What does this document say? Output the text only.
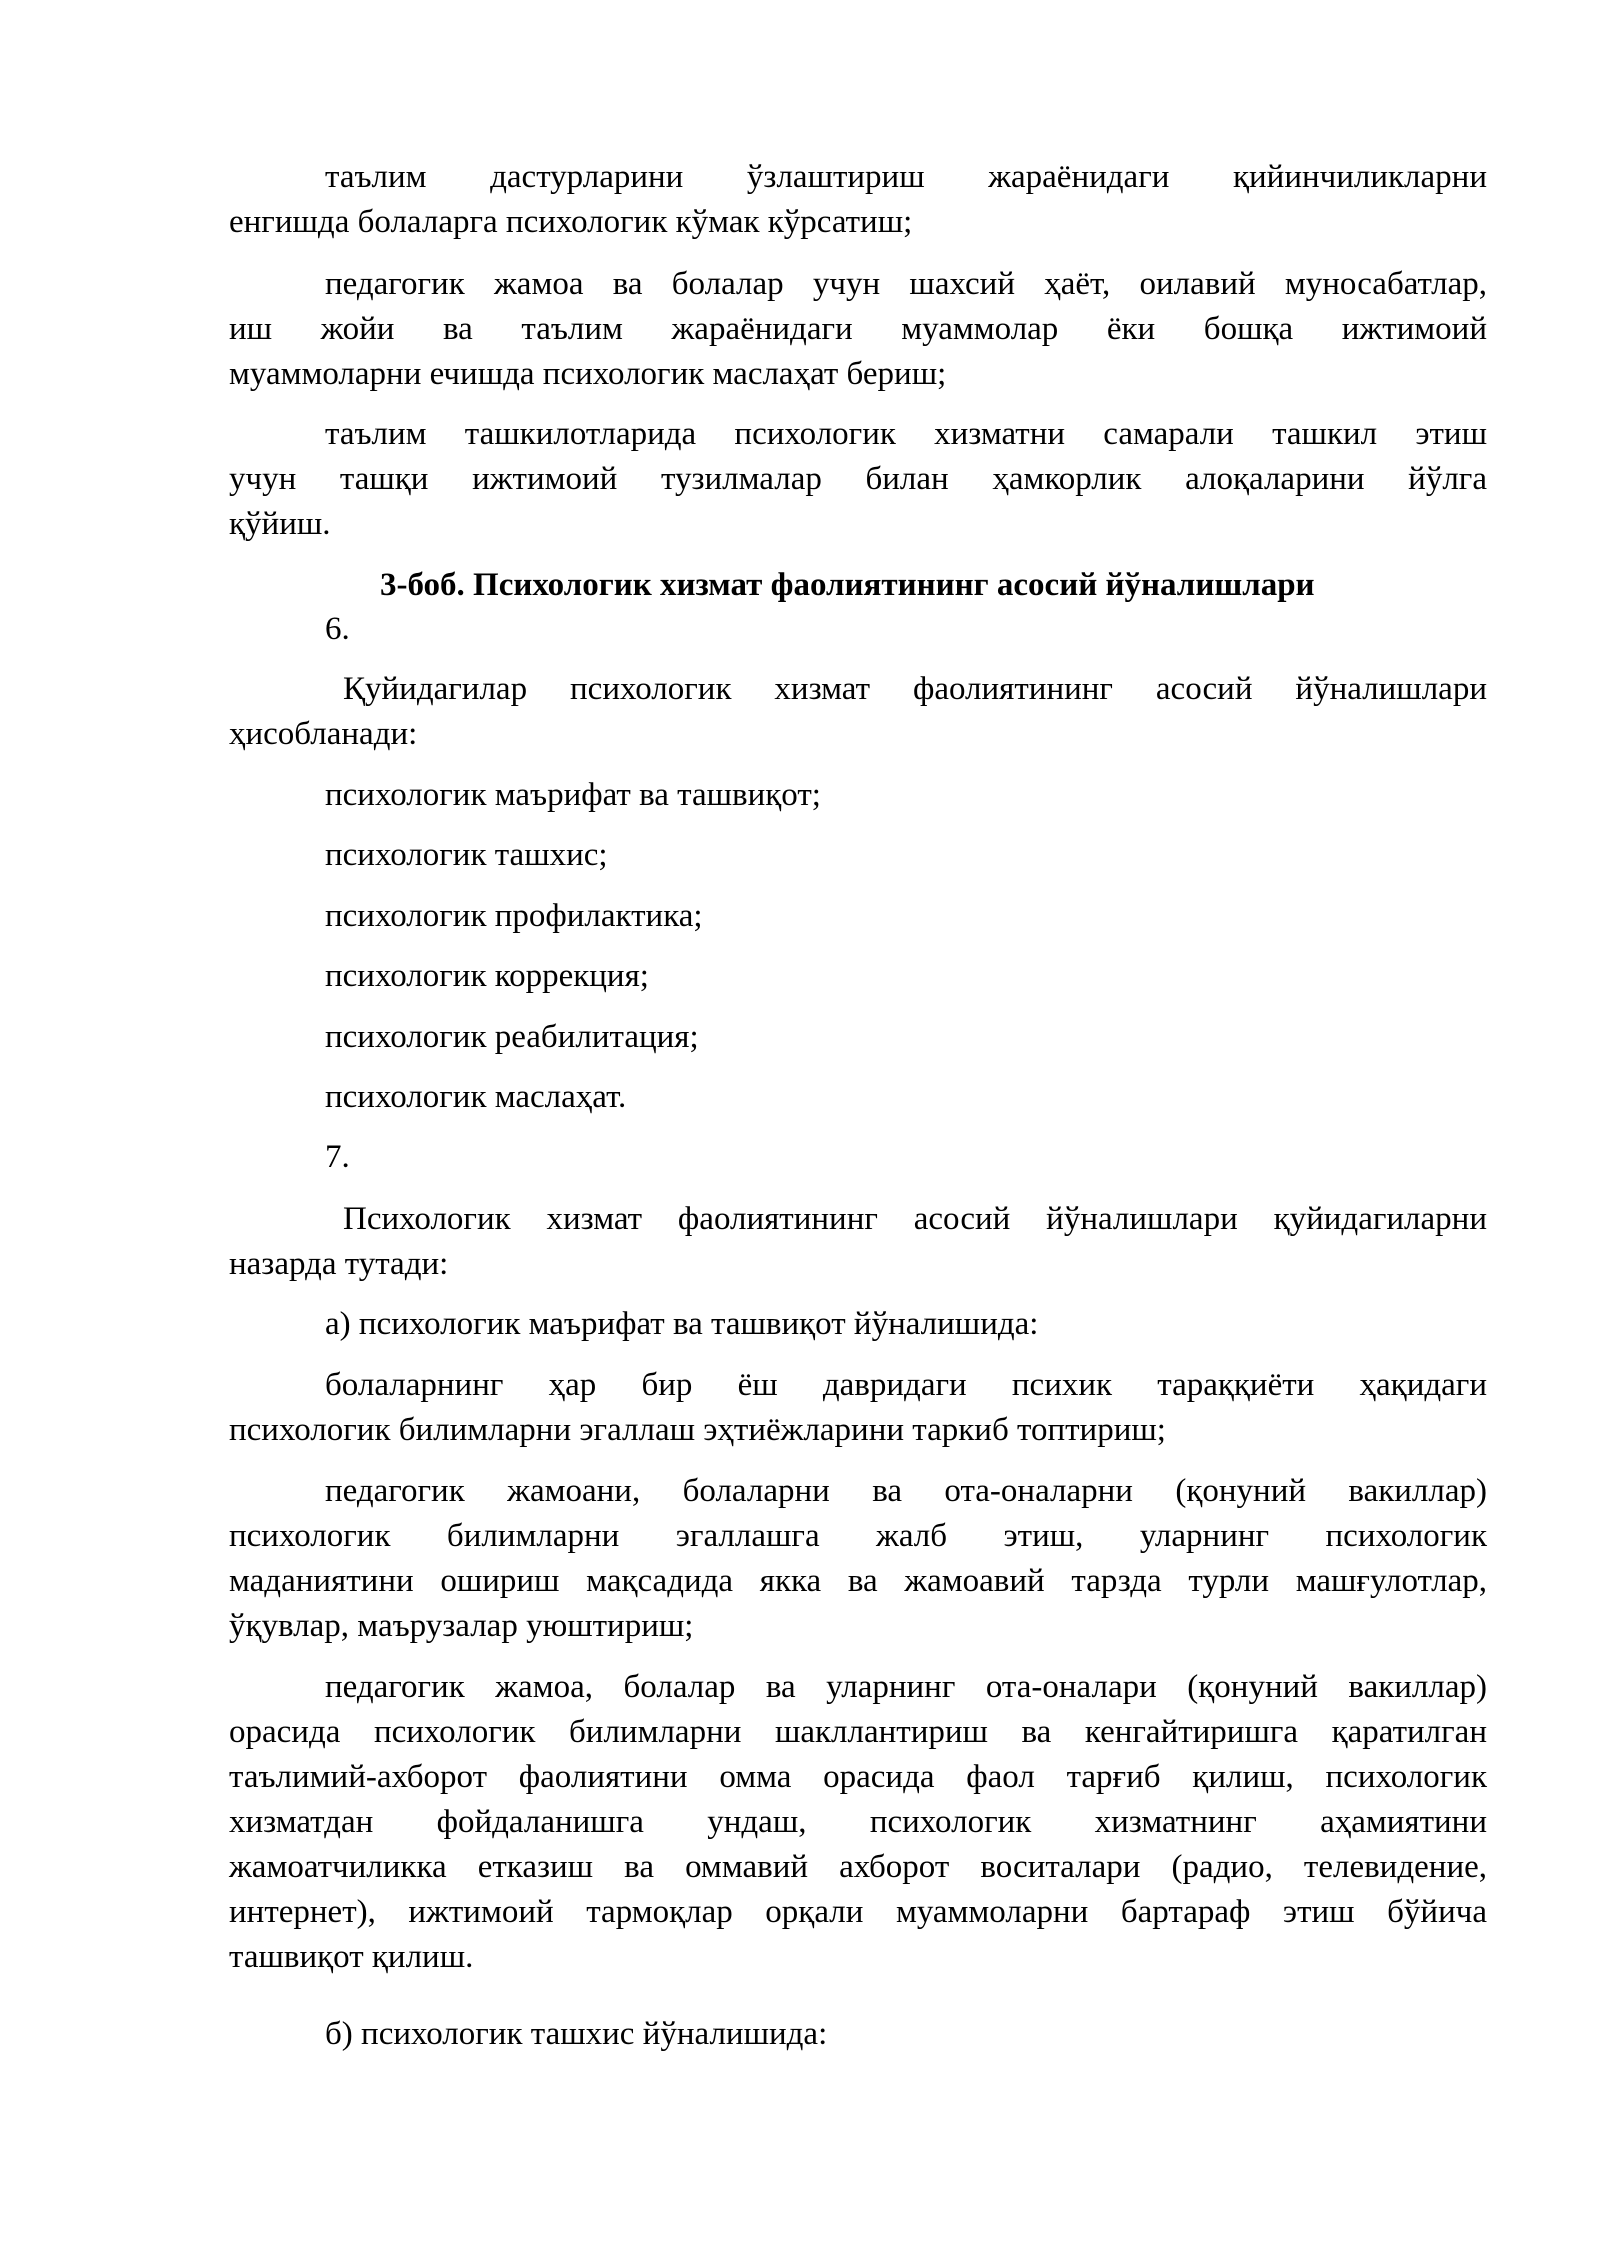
таълим дастурларини ўзлаштириш жараёнидаги қийинчиликларни
енгишда болаларга психологик кўмак кўрсатиш;
педагогик жамоа ва болалар учун шахсий ҳаёт, оилавий муносабатлар,
иш жойи ва таълим жараёнидаги муаммолар ёки бошқа ижтимоий
муаммоларни ечишда психологик маслаҳат бериш;
таълим ташкилотларида психологик хизматни самарали ташкил этиш
учун ташқи ижтимоий тузилмалар билан ҳамкорлик алоқаларини йўлга
қўйиш.
3-боб. Психологик хизмат фаолиятининг асосий йўналишлари
6.
Қуйидагилар психологик хизмат фаолиятининг асосий йўналишлари
ҳисобланади:
психологик маърифат ва ташвиқот;
психологик ташхис;
психологик профилактика;
психологик коррекция;
психологик реабилитация;
психологик маслаҳат.
7.
Психологик хизмат фаолиятининг асосий йўналишлари қуйидагиларни
назарда тутади:
а) психологик маърифат ва ташвиқот йўналишида:
болаларнинг ҳар бир ёш давридаги психик тараққиёти ҳақидаги
психологик билимларни эгаллаш эҳтиёжларини таркиб топтириш;
педагогик жамоани, болаларни ва ота-оналарни (қонуний вакиллар)
психологик билимларни эгаллашга жалб этиш, уларнинг психологик
маданиятини ошириш мақсадида якка ва жамоавий тарзда турли машғулотлар,
ўқувлар, маърузалар уюштириш;
педагогик жамоа, болалар ва уларнинг ота-оналари (қонуний вакиллар)
орасида психологик билимларни шакллантириш ва кенгайтиришга қаратилган
таълимий-ахборот фаолиятини омма орасида фаол тарғиб қилиш, психологик
хизматдан фойдаланишга ундаш, психологик хизматнинг аҳамиятини
жамоатчиликка етказиш ва оммавий ахборот воситалари (радио, телевидение,
интернет), ижтимоий тармоқлар орқали муаммоларни бартараф этиш бўйича
ташвиқот қилиш.
б) психологик ташхис йўналишида:
